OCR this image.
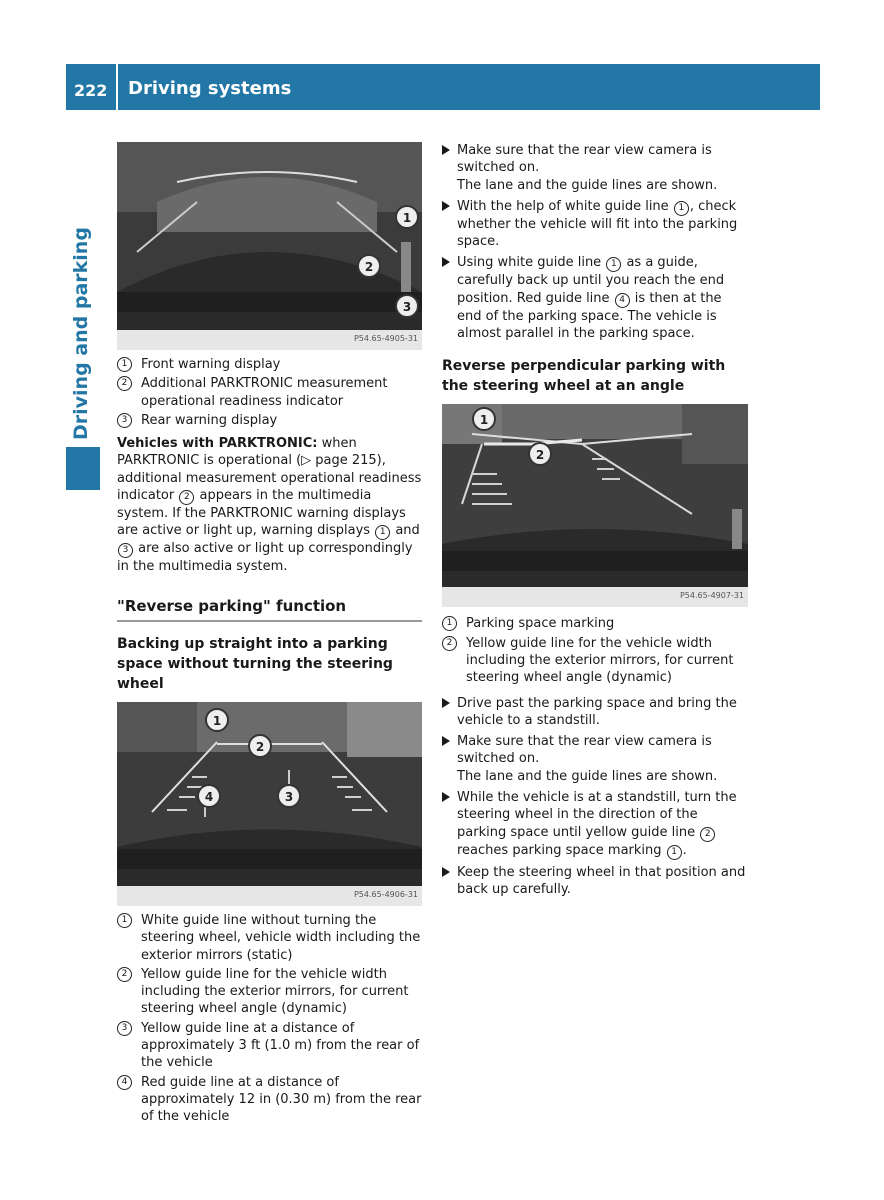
222 Driving systems
Driving and parking
1
2
3
P54.65-4905-31
1	Front warning display
2	Additional PARKTRONIC measurement operational readiness indicator
3	Rear warning display

Vehicles with PARKTRONIC: when PARKTRONIC is operational (▷ page 215), additional measurement operational readiness indicator 2 appears in the multimedia system. If the PARKTRONIC warning displays are active or light up, warning displays 1 and 3 are also active or light up correspondingly in the multimedia system.

"Reverse parking" function
Backing up straight into a parking space without turning the steering wheel
1
2
3
4
P54.65-4906-31
1	White guide line without turning the steering wheel, vehicle width including the exterior mirrors (static)
2	Yellow guide line for the vehicle width including the exterior mirrors, for current steering wheel angle (dynamic)
3	Yellow guide line at a distance of approximately 3 ft (1.0 m) from the rear of the vehicle
4	Red guide line at a distance of approximately 12 in (0.30 m) from the rear of the vehicle
Make sure that the rear view camera is switched on.
The lane and the guide lines are shown.
With the help of white guide line 1 , check whether the vehicle will fit into the parking space.
Using white guide line 1 as a guide, carefully back up until you reach the end position. Red guide line 4 is then at the end of the parking space. The vehicle is almost parallel in the parking space.
Reverse perpendicular parking with the steering wheel at an angle
1
2
P54.65-4907-31
1	Parking space marking
2	Yellow guide line for the vehicle width including the exterior mirrors, for current steering wheel angle (dynamic)
Drive past the parking space and bring the vehicle to a standstill.
Make sure that the rear view camera is switched on.
The lane and the guide lines are shown.
While the vehicle is at a standstill, turn the steering wheel in the direction of the parking space until yellow guide line 2 reaches parking space marking 1 .
Keep the steering wheel in that position and back up carefully.
